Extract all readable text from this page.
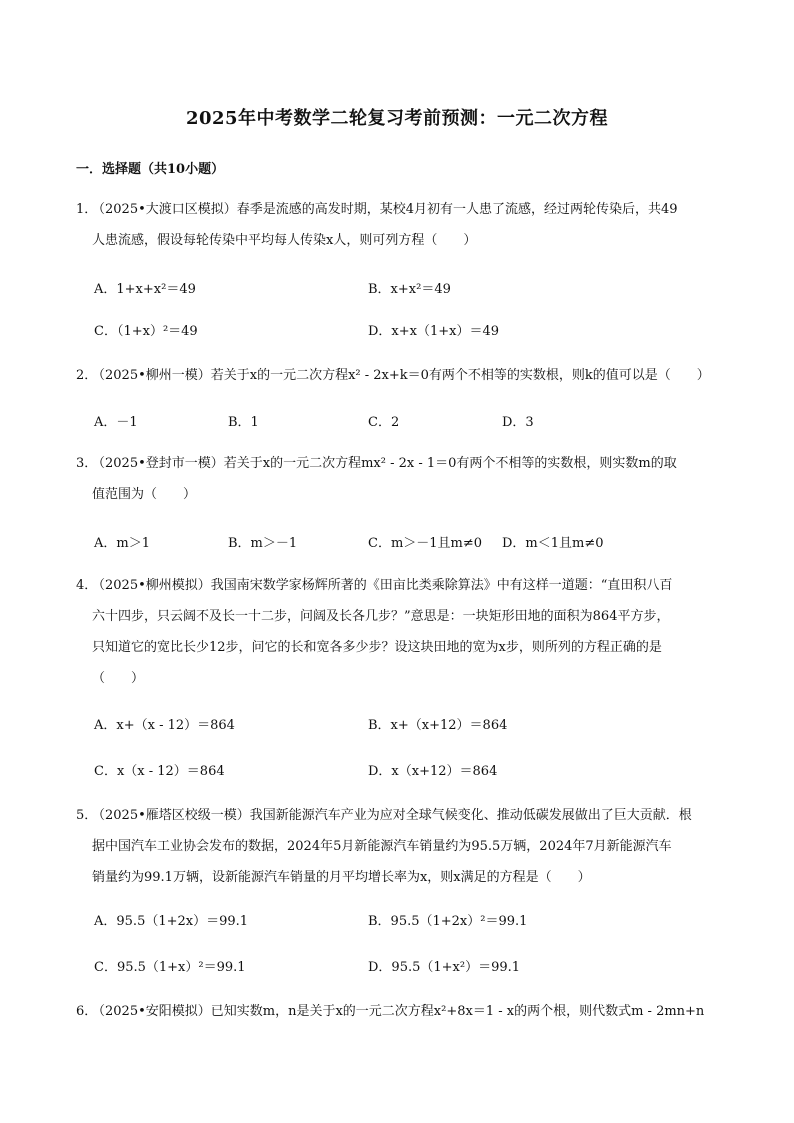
2025年中考数学二轮复习考前预测：一元二次方程
一．选择题（共10小题）
1．（2025•大渡口区模拟）春季是流感的高发时期，某校4月初有一人患了流感，经过两轮传染后，共49
人患流感，假设每轮传染中平均每人传染x人，则可列方程（　　）
A．1+x+x²＝49	B．x+x²＝49
C．（1+x）²＝49	D．x+x（1+x）＝49
2．（2025•柳州一模）若关于x的一元二次方程x² - 2x+k＝0有两个不相等的实数根，则k的值可以是（　　）
A．－1	B．1	C．2	D．3
3．（2025•登封市一模）若关于x的一元二次方程mx² - 2x - 1＝0有两个不相等的实数根，则实数m的取
值范围为（　　）
A．m＞1	B．m＞－1	C．m＞－1且m≠0 D．m＜1且m≠0
4．（2025•柳州模拟）我国南宋数学家杨辉所著的《田亩比类乘除算法》中有这样一道题：“直田积八百
六十四步，只云阔不及长一十二步，问阔及长各几步？”意思是：一块矩形田地的面积为864平方步，
只知道它的宽比长少12步，问它的长和宽各多少步？设这块田地的宽为x步，则所列的方程正确的是
（　　）
A．x+（x - 12）＝864	B．x+（x+12）＝864
C．x（x - 12）＝864	D．x（x+12）＝864
5．（2025•雁塔区校级一模）我国新能源汽车产业为应对全球气候变化、推动低碳发展做出了巨大贡献．根
据中国汽车工业协会发布的数据，2024年5月新能源汽车销量约为95.5万辆，2024年7月新能源汽车
销量约为99.1万辆，设新能源汽车销量的月平均增长率为x，则x满足的方程是（　　）
A．95.5（1+2x）＝99.1	B．95.5（1+2x）²＝99.1
C．95.5（1+x）²＝99.1	D．95.5（1+x²）＝99.1
6．（2025•安阳模拟）已知实数m，n是关于x的一元二次方程x²+8x＝1 - x的两个根，则代数式m - 2mn+n
